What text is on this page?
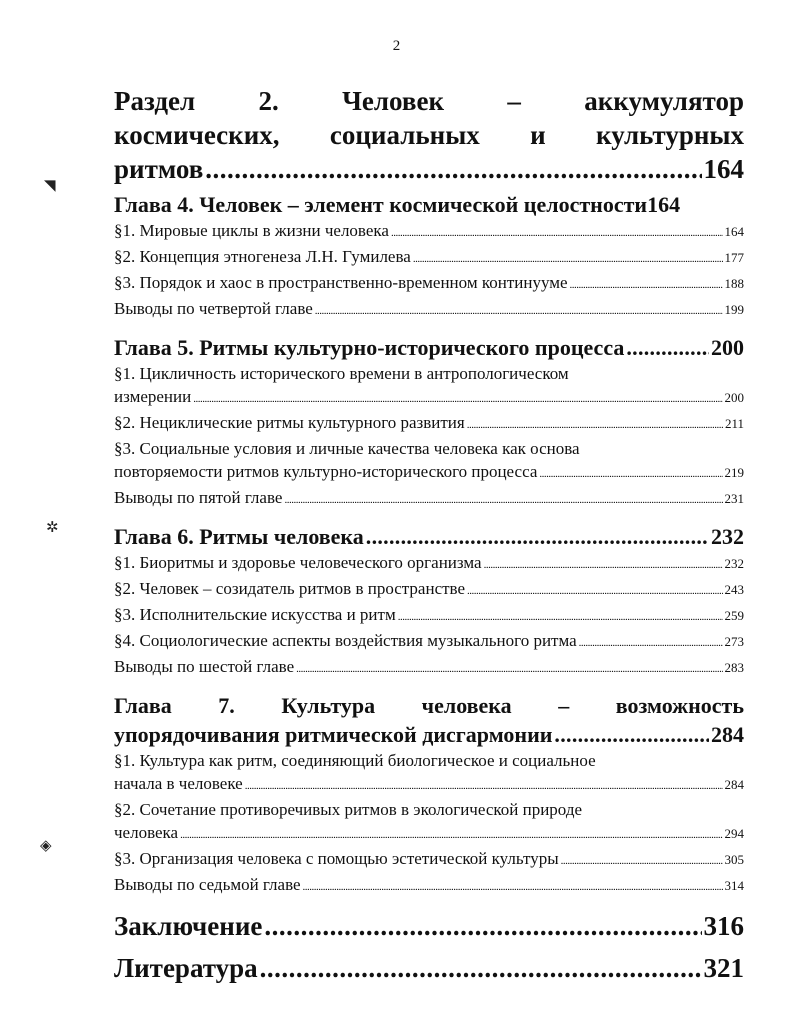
2
◥
✲
◈
Раздел 2. Человек – аккумулятор
космических, социальных и культурных
ритмов .....	164
Глава 4. Человек – элемент космической целостности 164
§1. Мировые циклы в жизни человека .....	164
§2. Концепция этногенеза Л.Н. Гумилева .....	177
§3. Порядок и хаос в пространственно-временном континууме .....	188
Выводы по четвертой главе .....	199
Глава 5. Ритмы культурно-исторического процесса .....	200
§1. Цикличность исторического времени в антропологическом
измерении .....	200
§2. Нециклические ритмы культурного развития .....	211
§3. Социальные условия и личные качества человека как основа
повторяемости ритмов культурно-исторического процесса .....	219
Выводы по пятой главе .....	231
Глава 6. Ритмы человека .....	232
§1. Биоритмы и здоровье человеческого организма .....	232
§2. Человек – созидатель ритмов в пространстве .....	243
§3. Исполнительские искусства и ритм .....	259
§4. Социологические аспекты воздействия музыкального ритма .....	273
Выводы по шестой главе .....	283
Глава 7. Культура человека – возможность
упорядочивания ритмической дисгармонии .....	284
§1. Культура как ритм, соединяющий биологическое и социальное
начала в человеке .....	284
§2. Сочетание противоречивых ритмов в экологической природе
человека .....	294
§3. Организация человека с помощью эстетической культуры .....	305
Выводы по седьмой главе .....	314
Заключение .....	316
Литература .....	321
